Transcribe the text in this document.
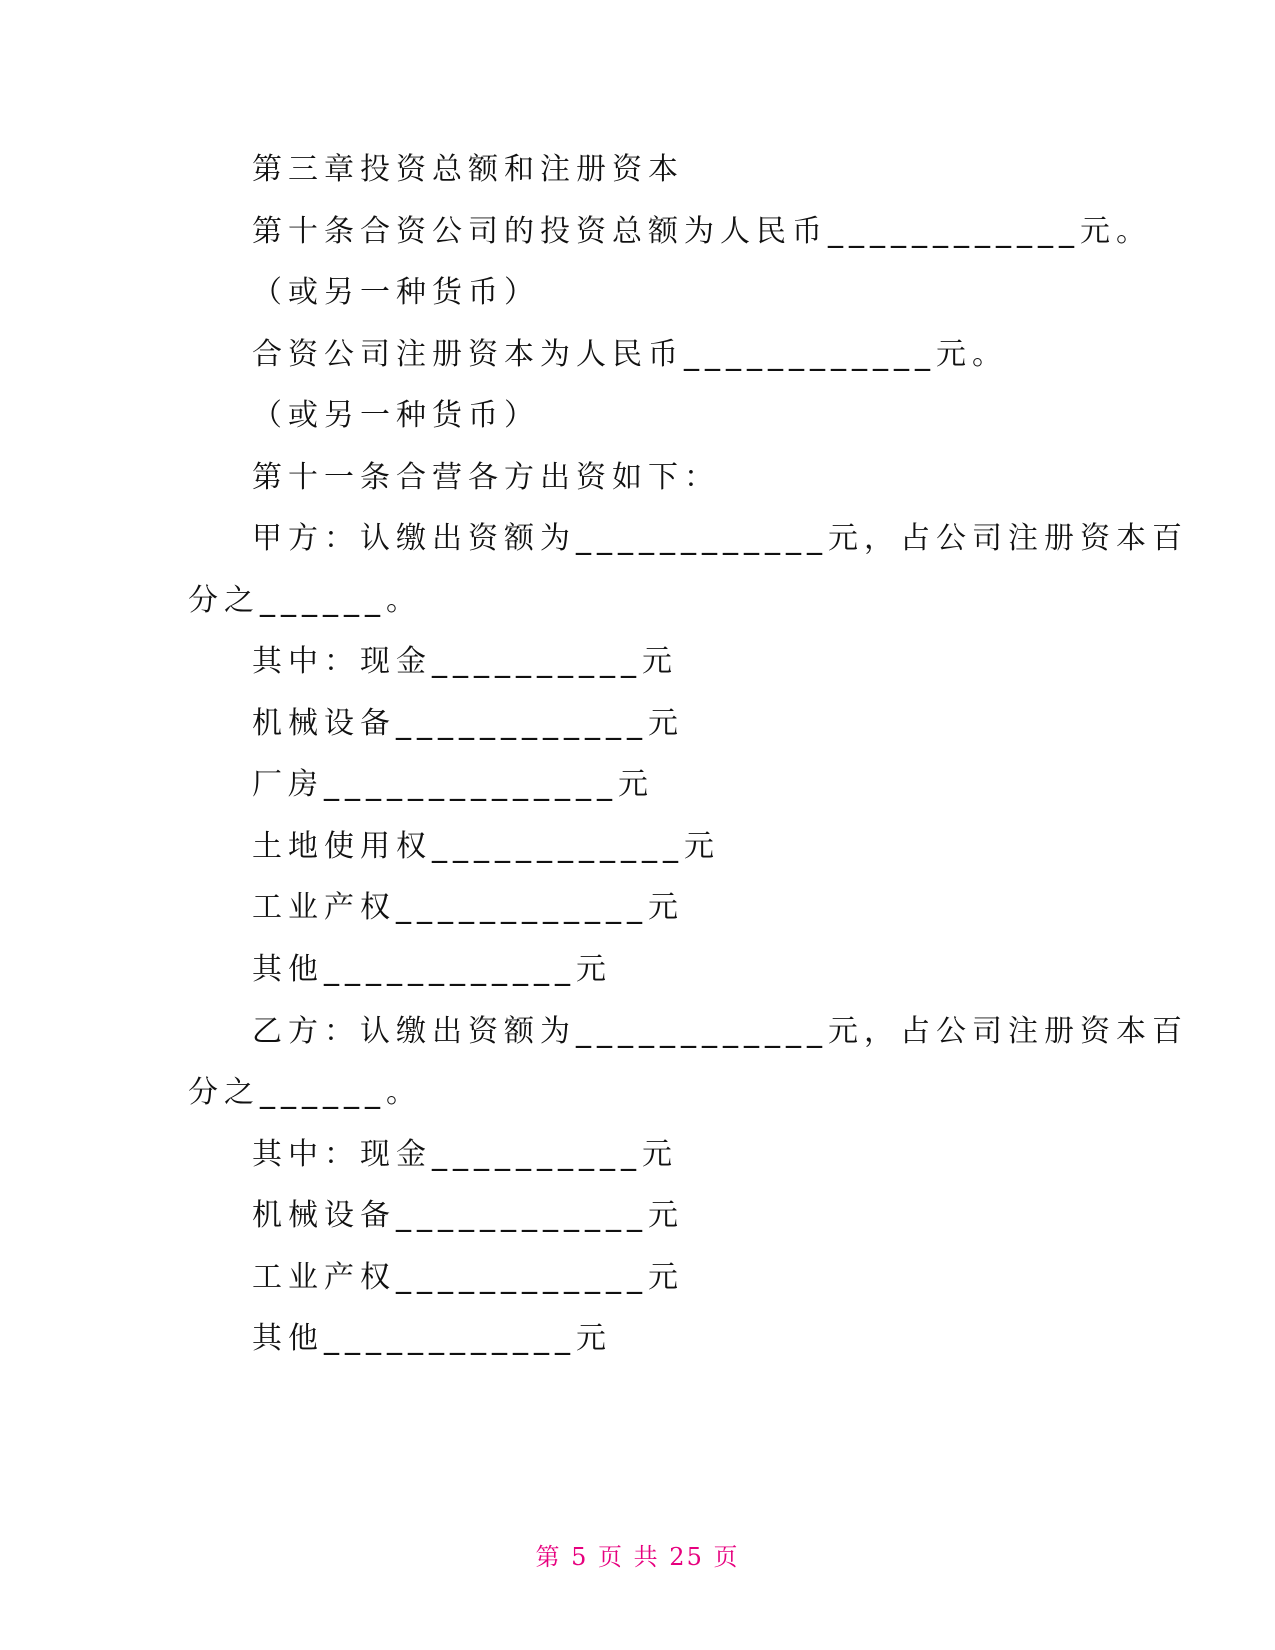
第三章投资总额和注册资本
第十条合资公司的投资总额为人民币____________元。
（或另一种货币）
合资公司注册资本为人民币____________元。
（或另一种货币）
第十一条合营各方出资如下：
甲方：认缴出资额为____________元，占公司注册资本百
分之______。
其中：现金__________元
机械设备____________元
厂房______________元
土地使用权____________元
工业产权____________元
其他____________元
乙方：认缴出资额为____________元，占公司注册资本百
分之______。
其中：现金__________元
机械设备____________元
工业产权____________元
其他____________元
第 5 页 共 25 页
